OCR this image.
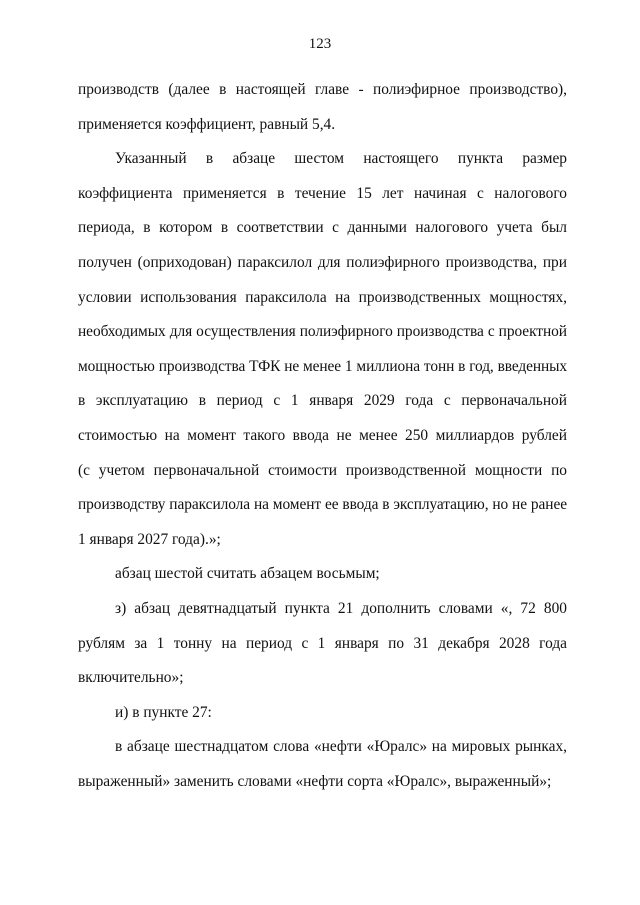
123
производств (далее в настоящей главе - полиэфирное производство),
применяется коэффициент, равный 5,4.
Указанный в абзаце шестом настоящего пункта размер
коэффициента применяется в течение 15 лет начиная с налогового
периода, в котором в соответствии с данными налогового учета был
получен (оприходован) параксилол для полиэфирного производства, при
условии использования параксилола на производственных мощностях,
необходимых для осуществления полиэфирного производства с проектной
мощностью производства ТФК не менее 1 миллиона тонн в год, введенных
в эксплуатацию в период с 1 января 2029 года с первоначальной
стоимостью на момент такого ввода не менее 250 миллиардов рублей
(с учетом первоначальной стоимости производственной мощности по
производству параксилола на момент ее ввода в эксплуатацию, но не ранее
1 января 2027 года).»;
абзац шестой считать абзацем восьмым;
з) абзац девятнадцатый пункта 21 дополнить словами «, 72 800
рублям за 1 тонну на период с 1 января по 31 декабря 2028 года
включительно»;
и) в пункте 27:
в абзаце шестнадцатом слова «нефти «Юралс» на мировых рынках,
выраженный» заменить словами «нефти сорта «Юралс», выраженный»;
